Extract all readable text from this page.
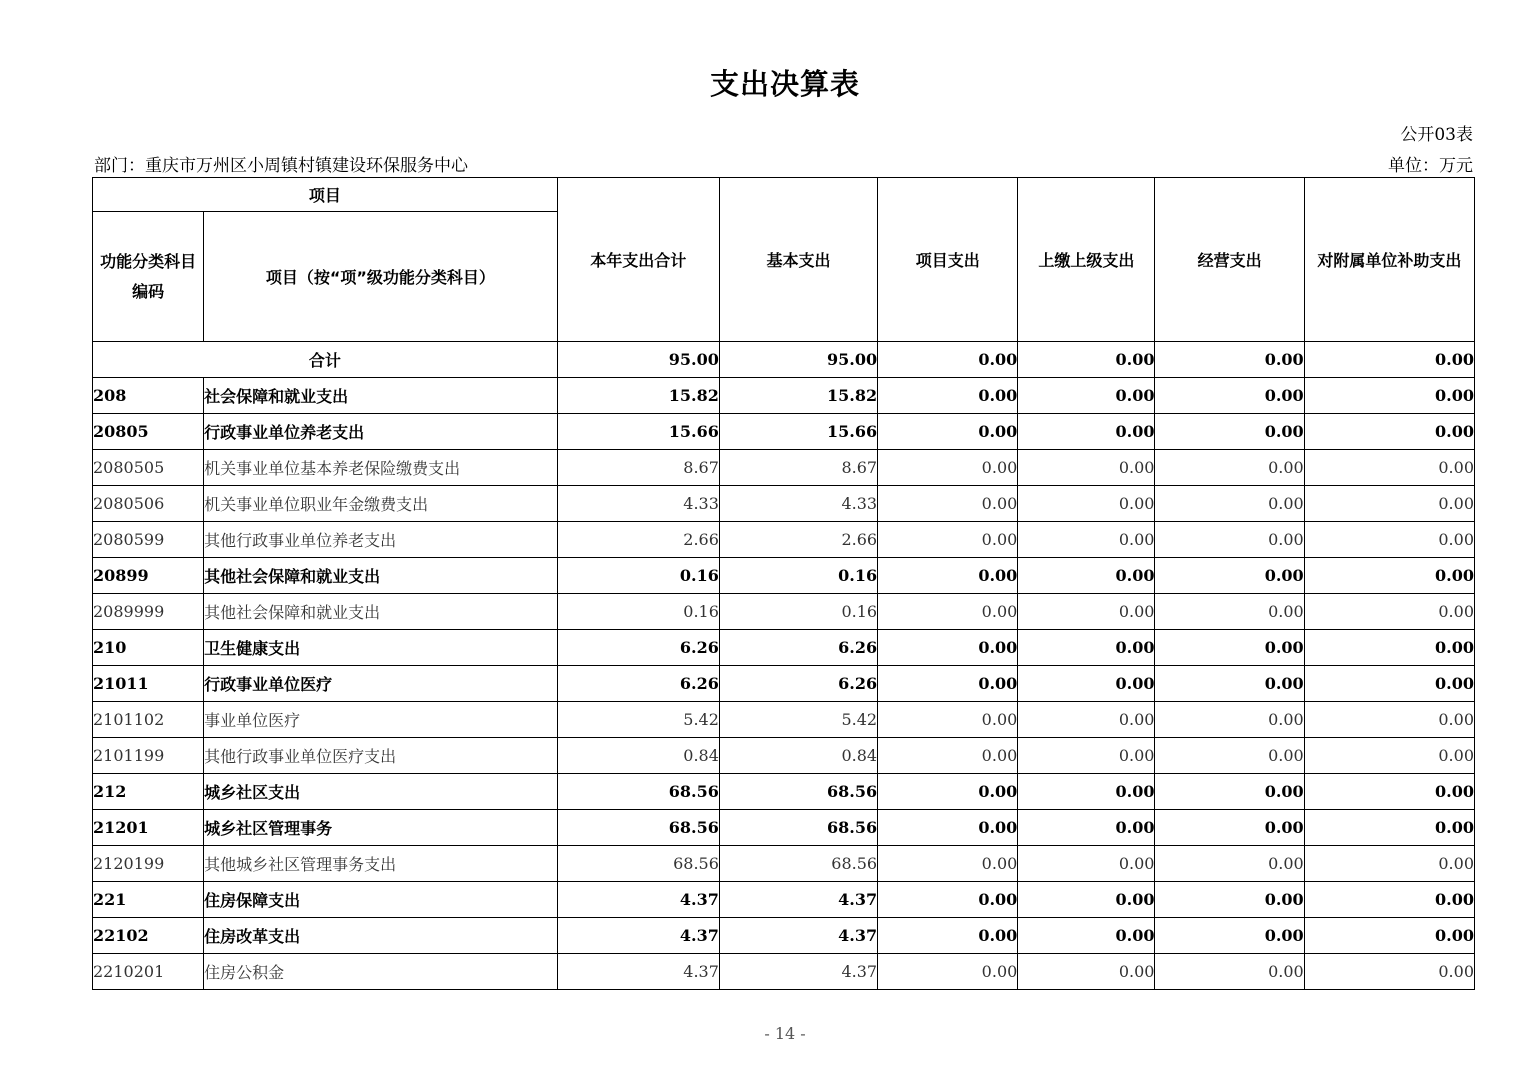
支出决算表
公开03表
部门：重庆市万州区小周镇村镇建设环保服务中心	单位：万元
项目		本年支出合计	基本支出	项目支出	上缴上级支出	经营支出	对附属单位补助支出
功能分类科目编码	项目（按“项”级功能分类科目）						
合计		95.00	95.00	0.00	0.00	0.00	0.00
208	社会保障和就业支出	15.82	15.82	0.00	0.00	0.00	0.00
20805	行政事业单位养老支出	15.66	15.66	0.00	0.00	0.00	0.00
2080505	机关事业单位基本养老保险缴费支出	8.67	8.67	0.00	0.00	0.00	0.00
2080506	机关事业单位职业年金缴费支出	4.33	4.33	0.00	0.00	0.00	0.00
2080599	其他行政事业单位养老支出	2.66	2.66	0.00	0.00	0.00	0.00
20899	其他社会保障和就业支出	0.16	0.16	0.00	0.00	0.00	0.00
2089999	其他社会保障和就业支出	0.16	0.16	0.00	0.00	0.00	0.00
210	卫生健康支出	6.26	6.26	0.00	0.00	0.00	0.00
21011	行政事业单位医疗	6.26	6.26	0.00	0.00	0.00	0.00
2101102	事业单位医疗	5.42	5.42	0.00	0.00	0.00	0.00
2101199	其他行政事业单位医疗支出	0.84	0.84	0.00	0.00	0.00	0.00
212	城乡社区支出	68.56	68.56	0.00	0.00	0.00	0.00
21201	城乡社区管理事务	68.56	68.56	0.00	0.00	0.00	0.00
2120199	其他城乡社区管理事务支出	68.56	68.56	0.00	0.00	0.00	0.00
221	住房保障支出	4.37	4.37	0.00	0.00	0.00	0.00
22102	住房改革支出	4.37	4.37	0.00	0.00	0.00	0.00
2210201	住房公积金	4.37	4.37	0.00	0.00	0.00	0.00
- 14 -
